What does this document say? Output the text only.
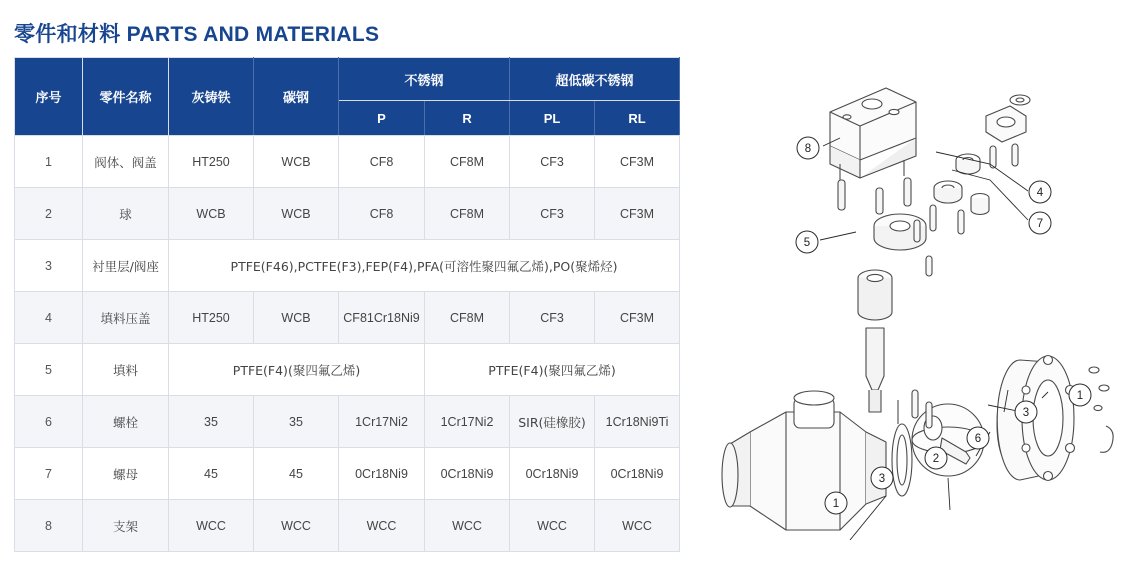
零件和材料 PARTS AND MATERIALS
序号	零件名称	灰铸铁	碳钢	不锈钢		超低碳不锈钢	
				P	R	PL	RL
1	阀体、阀盖	HT250	WCB	CF8	CF8M	CF3	CF3M
2	球	WCB	WCB	CF8	CF8M	CF3	CF3M
3	衬里层/阀座	PTFE(F46),PCTFE(F3),FEP(F4),PFA(可溶性聚四氟乙烯),PO(聚烯烃)					
4	填料压盖	HT250	WCB	CF81Cr18Ni9	CF8M	CF3	CF3M
5	填料	PTFE(F4)(聚四氟乙烯)			PTFE(F4)(聚四氟乙烯)		
6	螺栓	35	35	1Cr17Ni2	1Cr17Ni2	SIR(硅橡胶)	1Cr18Ni9Ti
7	螺母	45	45	0Cr18Ni9	0Cr18Ni9	0Cr18Ni9	0Cr18Ni9
8	支架	WCC	WCC	WCC	WCC	WCC	WCC
8
4
7
5
1
3
6
2
3
1
